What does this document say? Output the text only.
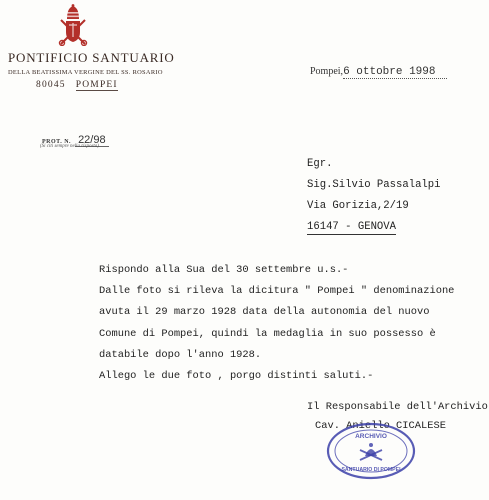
PONTIFICIO SANTUARIO
DELLA BEATISSIMA VERGINE DEL SS. ROSARIO
80045 POMPEI
PROT. N. 22/98
(Si citi sempre nella risposta)
Pompei,6 ottobre 1998
Egr.
Sig.Silvio Passalalpi
Via Gorizia,2/19
16147 - GENOVA
Rispondo alla Sua del 30 settembre u.s.-
Dalle foto si rileva la dicitura " Pompei " denominazione
avuta il 29 marzo 1928 data della autonomia del nuovo
Comune di Pompei, quindi la medaglia in suo possesso è
databile dopo l'anno 1928.
Allego le due foto , porgo distinti saluti.-
Il Responsabile dell'Archivio
Cav. Aniello CICALESE
ARCHIVIO
SANTUARIO DI POMPEI
